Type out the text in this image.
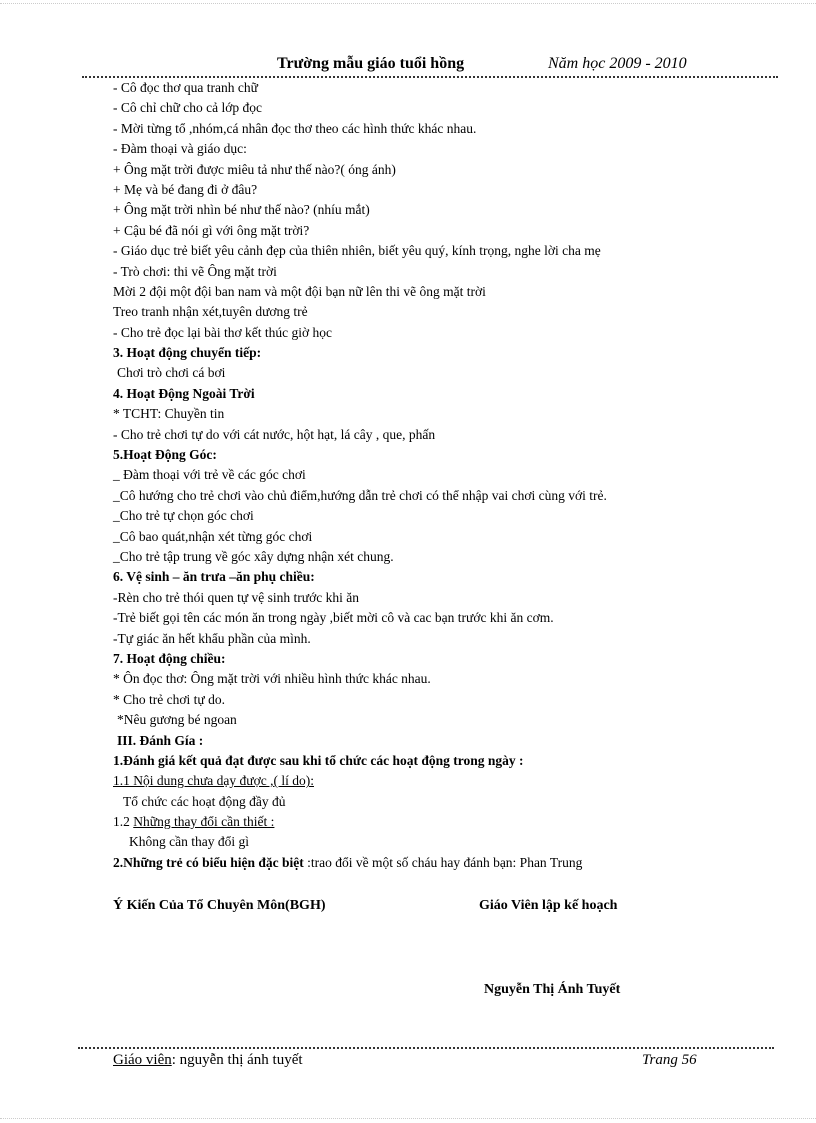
Trường mẫu giáo tuổi hồng	Năm học 2009 - 2010
- Cô đọc thơ qua tranh chữ
- Cô chỉ chữ cho cả lớp đọc
- Mời từng tổ ,nhóm,cá nhân đọc thơ theo các hình thức khác nhau.
- Đàm thoại và giáo dục:
+ Ông mặt trời được miêu tả như thế nào?( óng ánh)
+ Mẹ và bé đang đi ở đâu?
+ Ông mặt trời nhìn bé như thế nào? (nhíu mắt)
+ Cậu bé đã nói gì với ông mặt trời?
- Giáo dục trẻ biết yêu cảnh đẹp của thiên nhiên, biết yêu quý, kính trọng, nghe lời cha mẹ
- Trò chơi: thi vẽ Ông mặt trời
Mời 2 đội một đội ban nam và một đội bạn nữ lên thi vẽ ông mặt trời
Treo tranh nhận xét,tuyên dương trẻ
- Cho trẻ đọc lại bài thơ kết thúc giờ học
3. Hoạt động chuyển tiếp:
Chơi trò chơi cá bơi
4. Hoạt Động Ngoài Trời
* TCHT: Chuyền tin
- Cho trẻ chơi tự do với cát nước, hột hạt, lá cây , que, phấn
5.Hoạt Động Góc:
_ Đàm thoại với trẻ về các góc chơi
_Cô hướng cho trẻ chơi vào chủ điểm,hướng dẫn trẻ chơi có thể nhập vai chơi cùng với trẻ.
_Cho trẻ tự chọn góc chơi
_Cô bao quát,nhận xét từng góc chơi
_Cho trẻ tập trung về góc xây dựng nhận xét chung.
6. Vệ sinh – ăn trưa –ăn phụ chiều:
-Rèn cho trẻ thói quen tự vệ sinh trước khi ăn
-Trẻ biết gọi tên các món ăn trong ngày ,biết mời cô và cac bạn trước khi ăn cơm.
-Tự giác ăn hết khẩu phần của mình.
7. Hoạt động chiều:
* Ôn đọc thơ: Ông mặt trời với nhiều hình thức khác nhau.
* Cho trẻ chơi tự do.
*Nêu gương bé ngoan
III. Đánh Gía :
1.Đánh giá kết quả đạt được sau khi tổ chức các hoạt động trong ngày :
1.1 Nội dung chưa dạy được ,( lí do):
Tổ chức các hoạt động đầy đủ
1.2 Những thay đổi cần thiết :
Không cần thay đổi gì
2.Những trẻ có biểu hiện đặc biệt :trao đổi về một số cháu hay đánh bạn: Phan Trung
Ý Kiến Của Tổ Chuyên Môn(BGH)	Giáo Viên lập kế hoạch
Nguyễn Thị Ánh Tuyết
Giáo viên: nguyễn thị ánh tuyết	Trang 56
